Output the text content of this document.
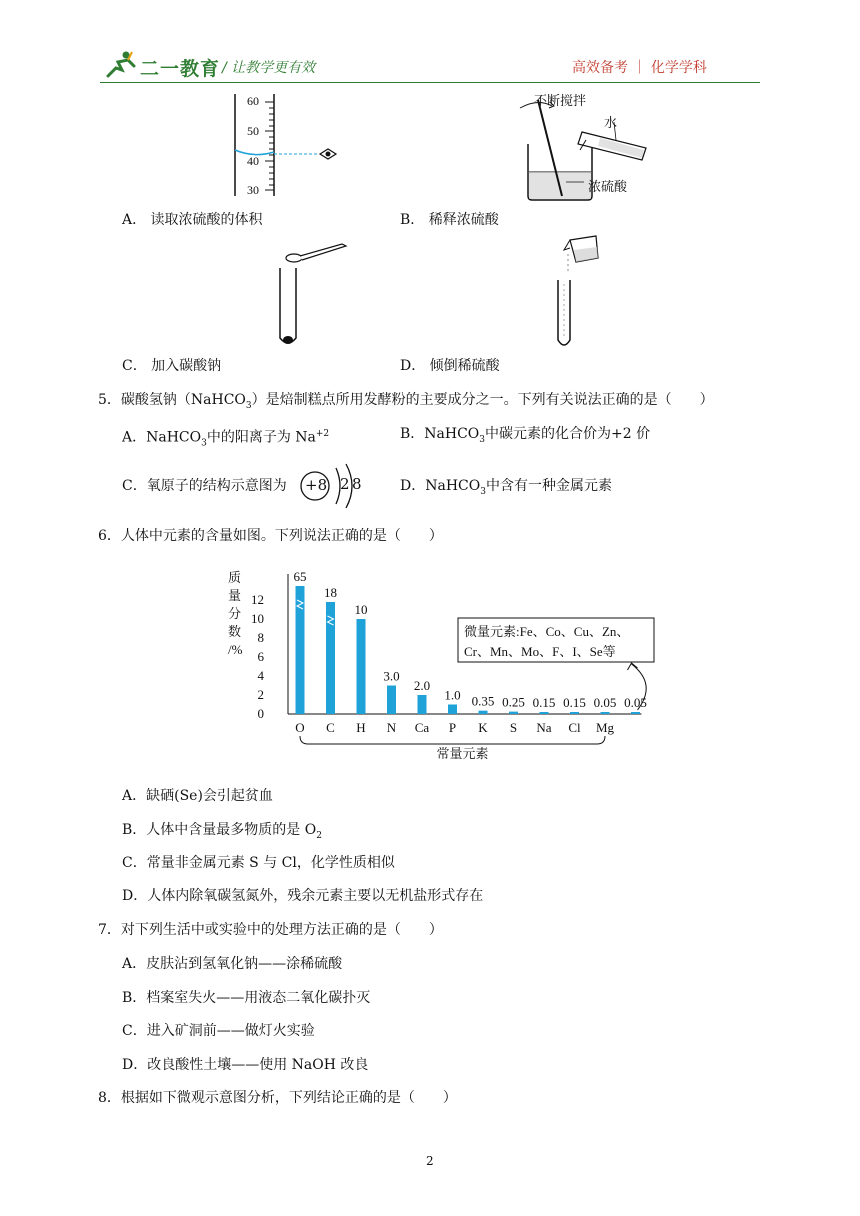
二一教育 / 让教学更有效	高效备考 ｜ 化学学科
60
50
40
30
不断搅拌
水
浓硫酸
A． 读取浓硫酸的体积	B． 稀释浓硫酸
C． 加入碳酸钠	D． 倾倒稀硫酸
5．碳酸氢钠（NaHCO$_3$）是焙制糕点所用发酵粉的主要成分之一。下列有关说法正确的是（　　）
A．NaHCO$_3$中的阳离子为 $Na^{+2}$	B．NaHCO$_3$中碳元素的化合价为+2 价
C．氧原子的结构示意图为 +8 2 8	D．NaHCO$_3$中含有一种金属元素
6．人体中元素的含量如图。下列说法正确的是（　　）
质
量
分
数
/%
12
10
8
6
4
2
0
65
O
18
C
10
H
3.0
N
2.0
Ca
1.0
P
0.35
K
0.25
S
0.15
Na
0.15
Cl
0.05
Mg
0.05
常量元素
微量元素:Fe、Co、Cu、Zn、
Cr、Mn、Mo、F、I、Se等
A．缺硒(Se)会引起贫血
B．人体中含量最多物质的是 $O_2$
C．常量非金属元素 S 与 Cl，化学性质相似
D．人体内除氧碳氢氮外，残余元素主要以无机盐形式存在
7．对下列生活中或实验中的处理方法正确的是（　　）
A．皮肤沾到氢氧化钠——涂稀硫酸
B．档案室失火——用液态二氧化碳扑灭
C．进入矿洞前——做灯火实验
D．改良酸性土壤——使用 NaOH 改良
8．根据如下微观示意图分析，下列结论正确的是（　　）
2
